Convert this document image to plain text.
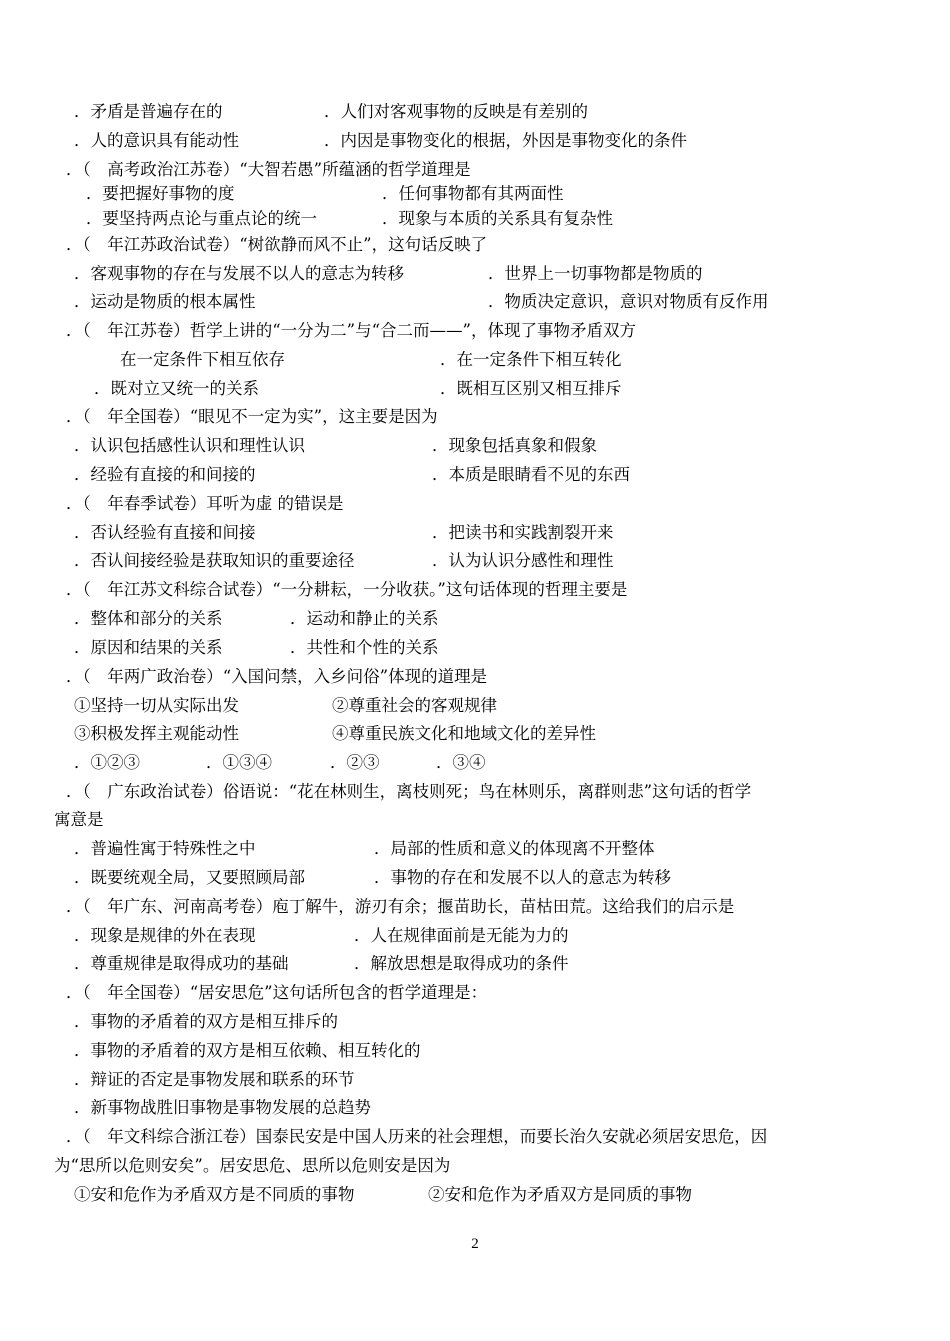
．矛盾是普遍存在的	．人们对客观事物的反映是有差别的
．人的意识具有能动性	．内因是事物变化的根据，外因是事物变化的条件
．（　高考政治江苏卷）“大智若愚”所蕴涵的哲学道理是
．要把握好事物的度	．任何事物都有其两面性
．要坚持两点论与重点论的统一	．现象与本质的关系具有复杂性
．（　年江苏政治试卷）“树欲静而风不止”，这句话反映了
．客观事物的存在与发展不以人的意志为转移	．世界上一切事物都是物质的
．运动是物质的根本属性	．物质决定意识，意识对物质有反作用
．（　年江苏卷）哲学上讲的“一分为二”与“合二而——”，体现了事物矛盾双方
在一定条件下相互依存	．在一定条件下相互转化
．既对立又统一的关系	．既相互区别又相互排斥
．（　年全国卷）“眼见不一定为实”，这主要是因为
．认识包括感性认识和理性认识	．现象包括真象和假象
．经验有直接的和间接的	．本质是眼睛看不见的东西
．（　年春季试卷）耳听为虚 的错误是
．否认经验有直接和间接	．把读书和实践割裂开来
．否认间接经验是获取知识的重要途径	．认为认识分感性和理性
．（　年江苏文科综合试卷）“一分耕耘，一分收获。”这句话体现的哲理主要是
．整体和部分的关系	．运动和静止的关系
．原因和结果的关系	．共性和个性的关系
．（　年两广政治卷）“入国问禁，入乡问俗”体现的道理是
①坚持一切从实际出发	②尊重社会的客观规律
③积极发挥主观能动性	④尊重民族文化和地域文化的差异性
．①②③	．①③④	．②③	．③④
．（　广东政治试卷）俗语说：“花在林则生，离枝则死；鸟在林则乐，离群则悲”这句话的哲学
寓意是
．普遍性寓于特殊性之中	．局部的性质和意义的体现离不开整体
．既要统观全局，又要照顾局部	．事物的存在和发展不以人的意志为转移
．（　年广东、河南高考卷）庖丁解牛，游刃有余；揠苗助长，苗枯田荒。这给我们的启示是
．现象是规律的外在表现	．人在规律面前是无能为力的
．尊重规律是取得成功的基础	．解放思想是取得成功的条件
．（　年全国卷）“居安思危”这句话所包含的哲学道理是：
．事物的矛盾着的双方是相互排斥的
．事物的矛盾着的双方是相互依赖、相互转化的
．辩证的否定是事物发展和联系的环节
．新事物战胜旧事物是事物发展的总趋势
．（　年文科综合浙江卷）国泰民安是中国人历来的社会理想，而要长治久安就必须居安思危，因
为“思所以危则安矣”。居安思危、思所以危则安是因为
①安和危作为矛盾双方是不同质的事物	②安和危作为矛盾双方是同质的事物
2
